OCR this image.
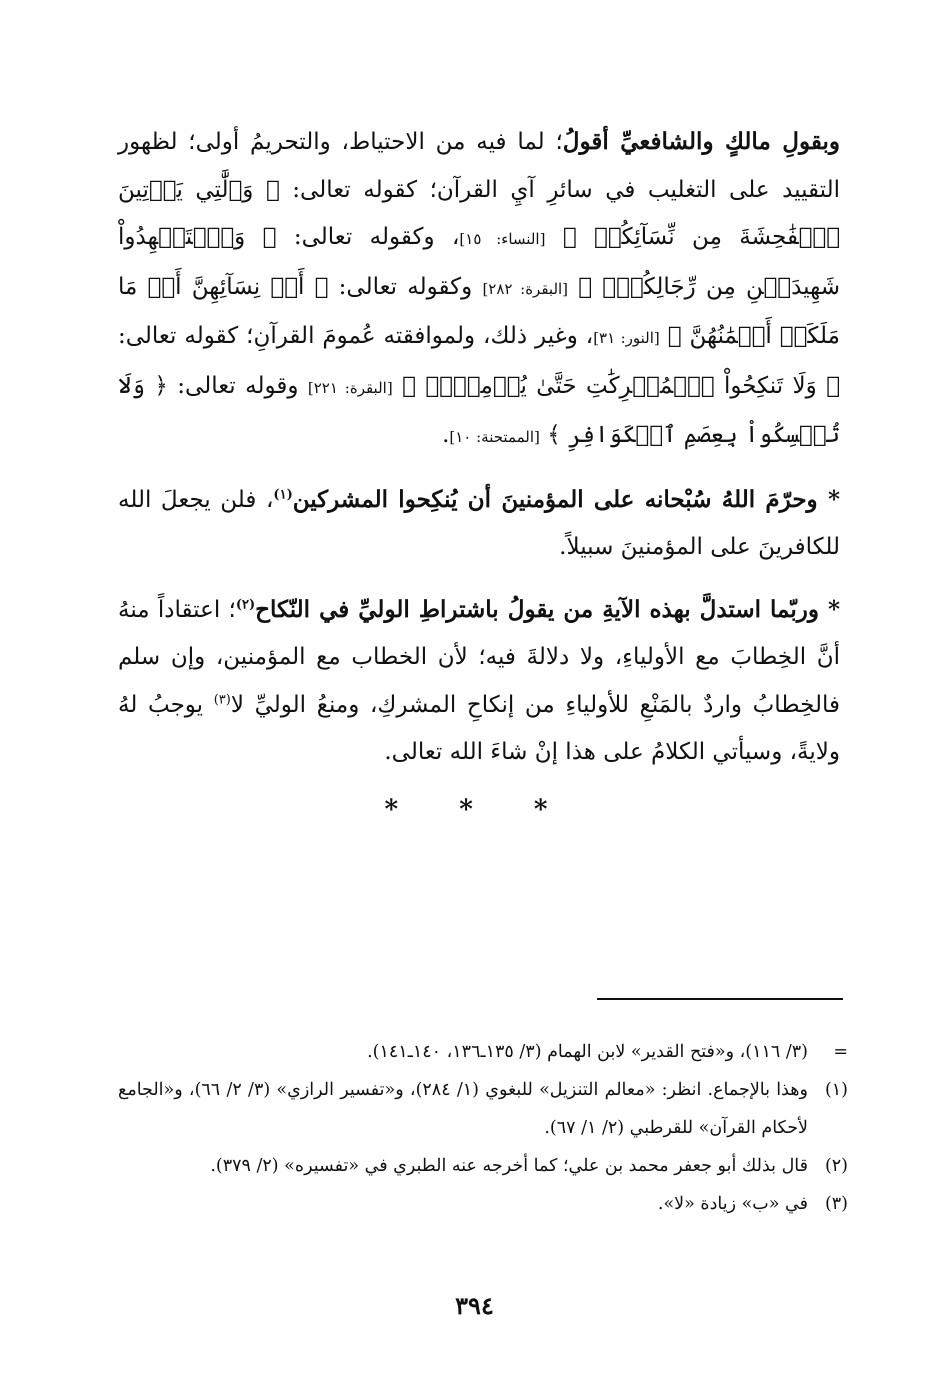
وبقولِ مالكٍ والشافعيِّ أقولُ؛ لما فيه من الاحتياط، والتحريمُ أولى؛ لظهور التقييد على التغليب في سائرِ آيِ القرآن؛ كقوله تعالى: ﴿ وَٱلَّٰتِي يَأۡتِينَ ٱلۡفَٰحِشَةَ مِن نِّسَآئِكُمۡ ﴾ [النساء: ١٥]، وكقوله تعالى: ﴿ وَٱسۡتَشۡهِدُواْ شَهِيدَيۡنِ مِن رِّجَالِكُمۡۖ ﴾ [البقرة: ٢٨٢] وكقوله تعالى: ﴿ أَوۡ نِسَآئِهِنَّ أَوۡ مَا مَلَكَتۡ أَيۡمَٰنُهُنَّ ﴾ [النور: ٣١]، وغير ذلك، ولموافقته عُمومَ القرآنِ؛ كقوله تعالى: ﴿ وَلَا تَنكِحُواْ ٱلۡمُشۡرِكَٰتِ حَتَّىٰ يُؤۡمِنَّۚ ﴾ [البقرة: ٢٢١] وقوله تعالى: ﴿ وَلَا تُمۡسِكُواْ بِعِصَمِ ٱلۡكَوَافِرِ ﴾ [الممتحنة: ١٠].

* وحرّمَ اللهُ سُبْحانه على المؤمنينَ أن يُنكِحوا المشركين$^{(١)}$، فلن يجعلَ الله للكافرينَ على المؤمنينَ سبيلاً.

* وربّما استدلَّ بهذه الآيةِ من يقولُ باشتراطِ الوليِّ في النّكاح$^{(٢)}$؛ اعتقاداً منهُ أنَّ الخِطابَ مع الأولياءِ، ولا دلالةَ فيه؛ لأن الخطاب مع المؤمنين، وإن سلم فالخِطابُ واردٌ بالمَنْعِ للأولياءِ من إنكاحِ المشركِ، ومنعُ الوليِّ لا$^{(٣)}$ يوجبُ لهُ ولايةً، وسيأتي الكلامُ على هذا إنْ شاءَ الله تعالى.

* * *
=
(٣/ ١١٦)، و«فتح القدير» لابن الهمام (٣/ ١٣٥ـ١٣٦، ١٤٠ـ١٤١).
(١)
وهذا بالإجماع. انظر: «معالم التنزيل» للبغوي (١/ ٢٨٤)، و«تفسير الرازي» (٣/ ٢/ ٦٦)، و«الجامع لأحكام القرآن» للقرطبي (٢/ ١/ ٦٧).
(٢)
قال بذلك أبو جعفر محمد بن علي؛ كما أخرجه عنه الطبري في «تفسيره» (٢/ ٣٧٩).
(٣)
في «ب» زيادة «لا».
٣٩٤
